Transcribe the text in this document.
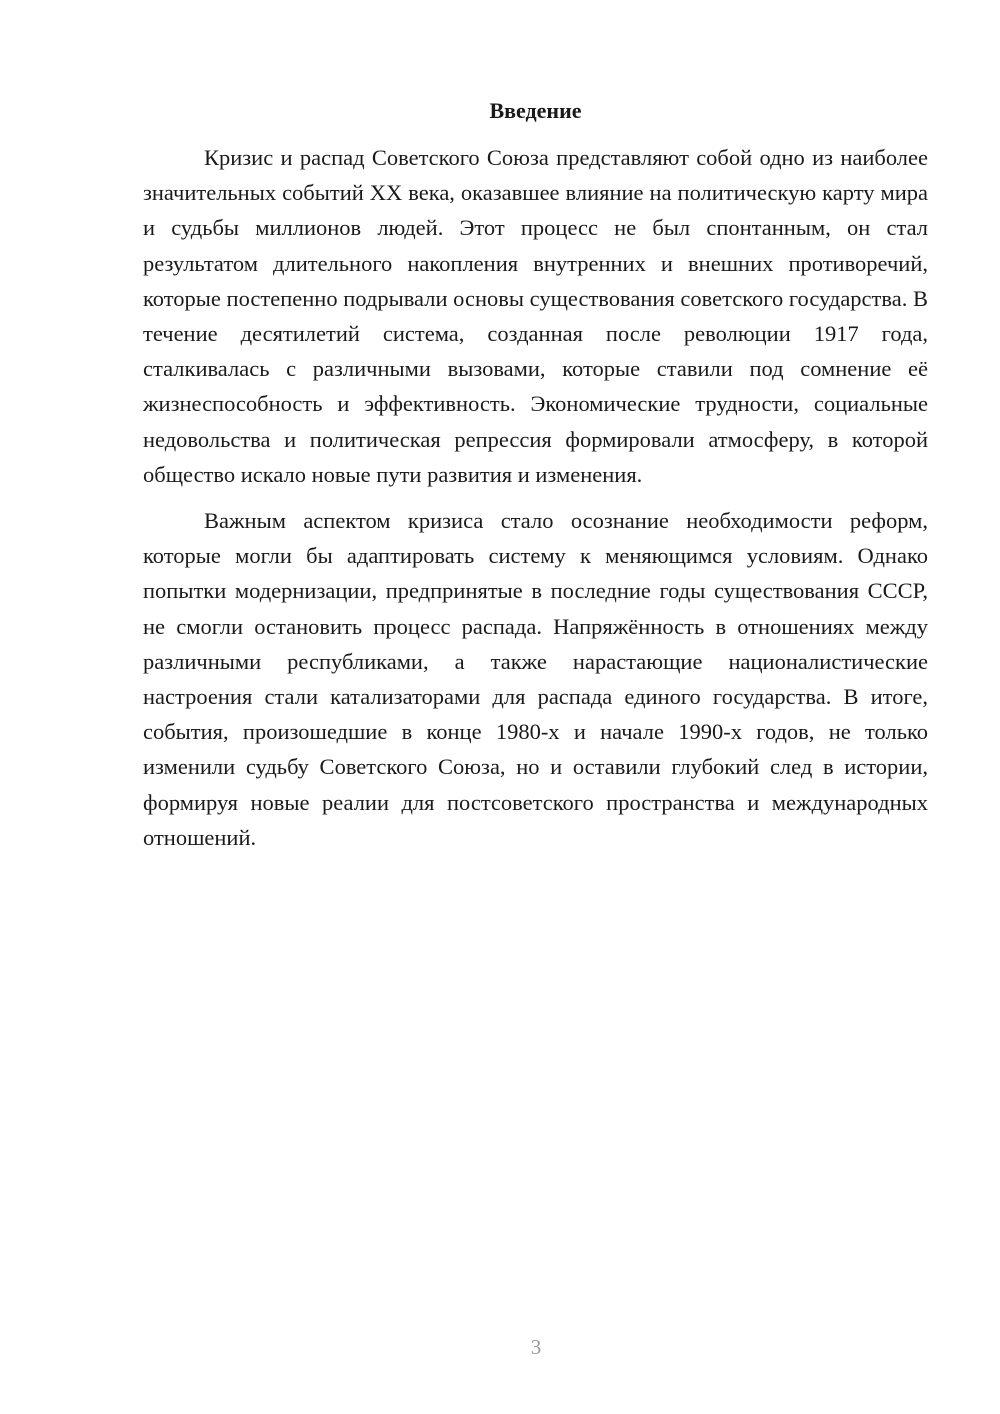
Введение

Кризис и распад Советского Союза представляют собой одно из наиболее значительных событий XX века, оказавшее влияние на политическую карту мира и судьбы миллионов людей. Этот процесс не был спонтанным, он стал результатом длительного накопления внутренних и внешних противоречий, которые постепенно подрывали основы существования советского государства. В течение десятилетий система, созданная после революции 1917 года, сталкивалась с различными вызовами, которые ставили под сомнение её жизнеспособность и эффективность. Экономические трудности, социальные недовольства и политическая репрессия формировали атмосферу, в которой общество искало новые пути развития и изменения.

Важным аспектом кризиса стало осознание необходимости реформ, которые могли бы адаптировать систему к меняющимся условиям. Однако попытки модернизации, предпринятые в последние годы существования СССР, не смогли остановить процесс распада. Напряжённость в отношениях между различными республиками, а также нарастающие националистические настроения стали катализаторами для распада единого государства. В итоге, события, произошедшие в конце 1980-х и начале 1990-х годов, не только изменили судьбу Советского Союза, но и оставили глубокий след в истории, формируя новые реалии для постсоветского пространства и международных отношений.

3
